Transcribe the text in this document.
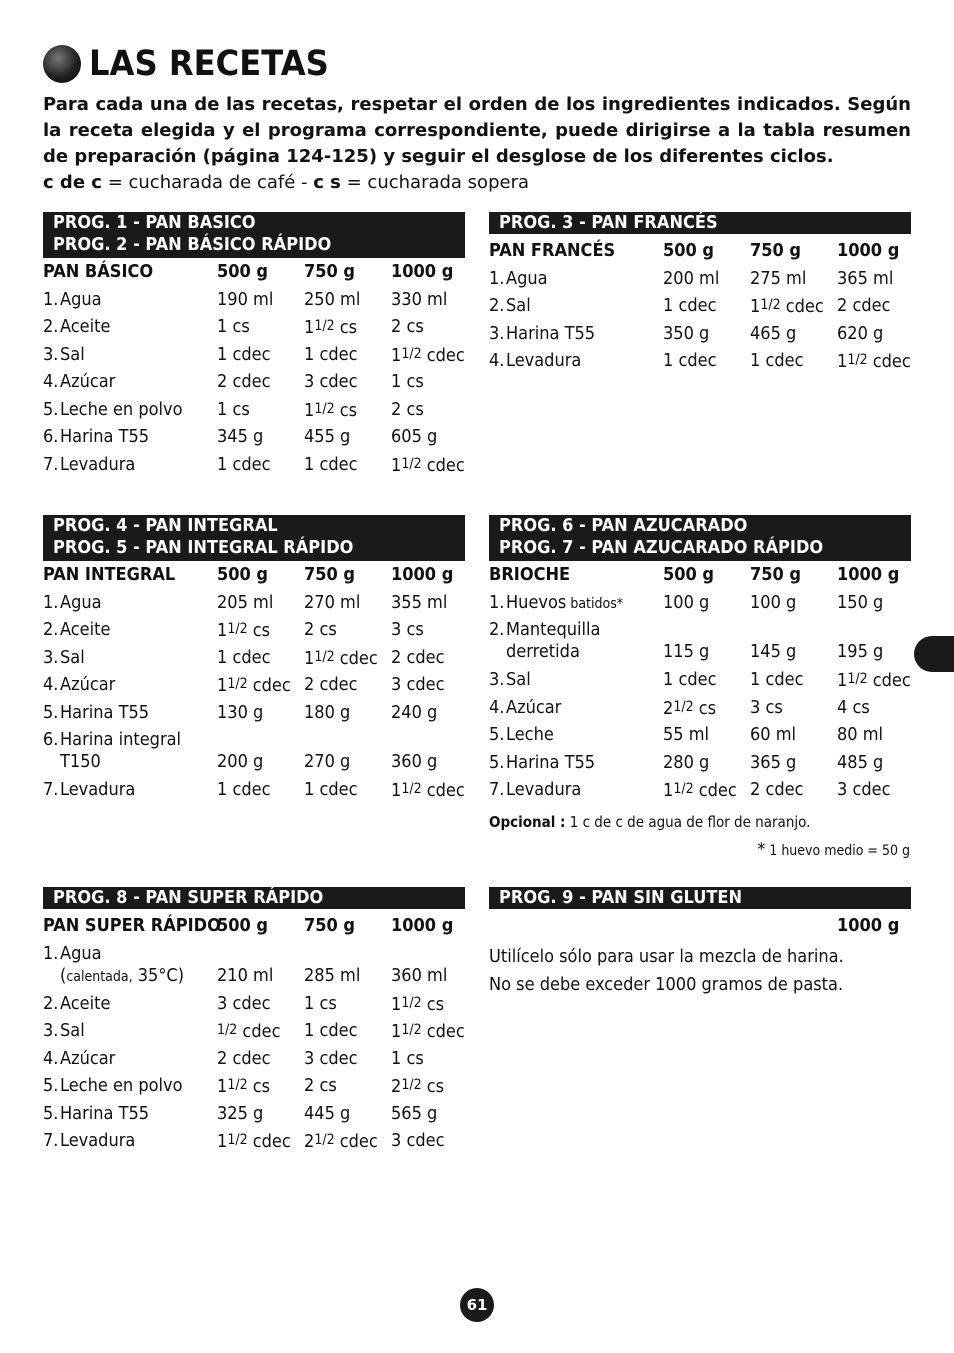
LAS RECETAS
Para cada una de las recetas, respetar el orden de los ingredientes indicados. Según la receta elegida y el programa correspondiente, puede dirigirse a la tabla resumen de preparación (página 124-125) y seguir el desglose de los diferentes ciclos.
c de c = cucharada de café - c s = cucharada sopera
PROG. 1 - PAN BASICO
PROG. 2 - PAN BÁSICO RÁPIDO
PAN BÁSICO	500 g 750 g 1000 g
1.Agua	190 ml 250 ml 330 ml
2.Aceite	1 cs	11/2 cs 2 cs
3.Sal	1 cdec 1 cdec 11/2 cdec
4.Azúcar	2 cdec 3 cdec 1 cs
5.Leche en polvo 1 cs	11/2 cs 2 cs
6.Harina T55	345 g 455 g 605 g
7.Levadura	1 cdec 1 cdec 11/2 cdec
PROG. 3 - PAN FRANCÉS
PAN FRANCÉS	500 g 750 g 1000 g
1.Agua	200 ml 275 ml 365 ml
2.Sal	1 cdec 11/2 cdec 2 cdec
3.Harina T55	350 g 465 g 620 g
4.Levadura	1 cdec 1 cdec 11/2 cdec
PROG. 4 - PAN INTEGRAL
PROG. 5 - PAN INTEGRAL RÁPIDO
PAN INTEGRAL 500 g 750 g 1000 g
1.Agua	205 ml 270 ml 355 ml
2.Aceite	11/2 cs 2 cs	3 cs
3.Sal	1 cdec 11/2 cdec 2 cdec
4.Azúcar	11/2 cdec 2 cdec 3 cdec
5.Harina T55	130 g 180 g 240 g
6.Harina integral
T150	200 g 270 g 360 g
7.Levadura	1 cdec 1 cdec 11/2 cdec
PROG. 6 - PAN AZUCARADO
PROG. 7 - PAN AZUCARADO RÁPIDO
BRIOCHE	500 g 750 g 1000 g
1.Huevos batidos* 100 g 100 g 150 g
2.Mantequilla
derretida	115 g 145 g 195 g
3.Sal	1 cdec 1 cdec 11/2 cdec
4.Azúcar	21/2 cs 3 cs	4 cs
5.Leche	55 ml 60 ml 80 ml
5.Harina T55	280 g 365 g 485 g
7.Levadura	11/2 cdec 2 cdec 3 cdec
Opcional : 1 c de c de agua de flor de naranjo.
* 1 huevo medio = 50 g
PROG. 8 - PAN SUPER RÁPIDO
PAN SUPER RÁPIDO
500 g 750 g 1000 g
1.Agua
(calentada, 35°C) 210 ml 285 ml 360 ml
2.Aceite	3 cdec 1 cs	11/2 cs
3.Sal	1/2 cdec 1 cdec 11/2 cdec
4.Azúcar	2 cdec 3 cdec 1 cs
5.Leche en polvo 11/2 cs 2 cs	21/2 cs
5.Harina T55	325 g 445 g 565 g
7.Levadura	11/2 cdec 21/2 cdec 3 cdec
PROG. 9 - PAN SIN GLUTEN
1000 g
Utilícelo sólo para usar la mezcla de harina.
No se debe exceder 1000 gramos de pasta.
61
